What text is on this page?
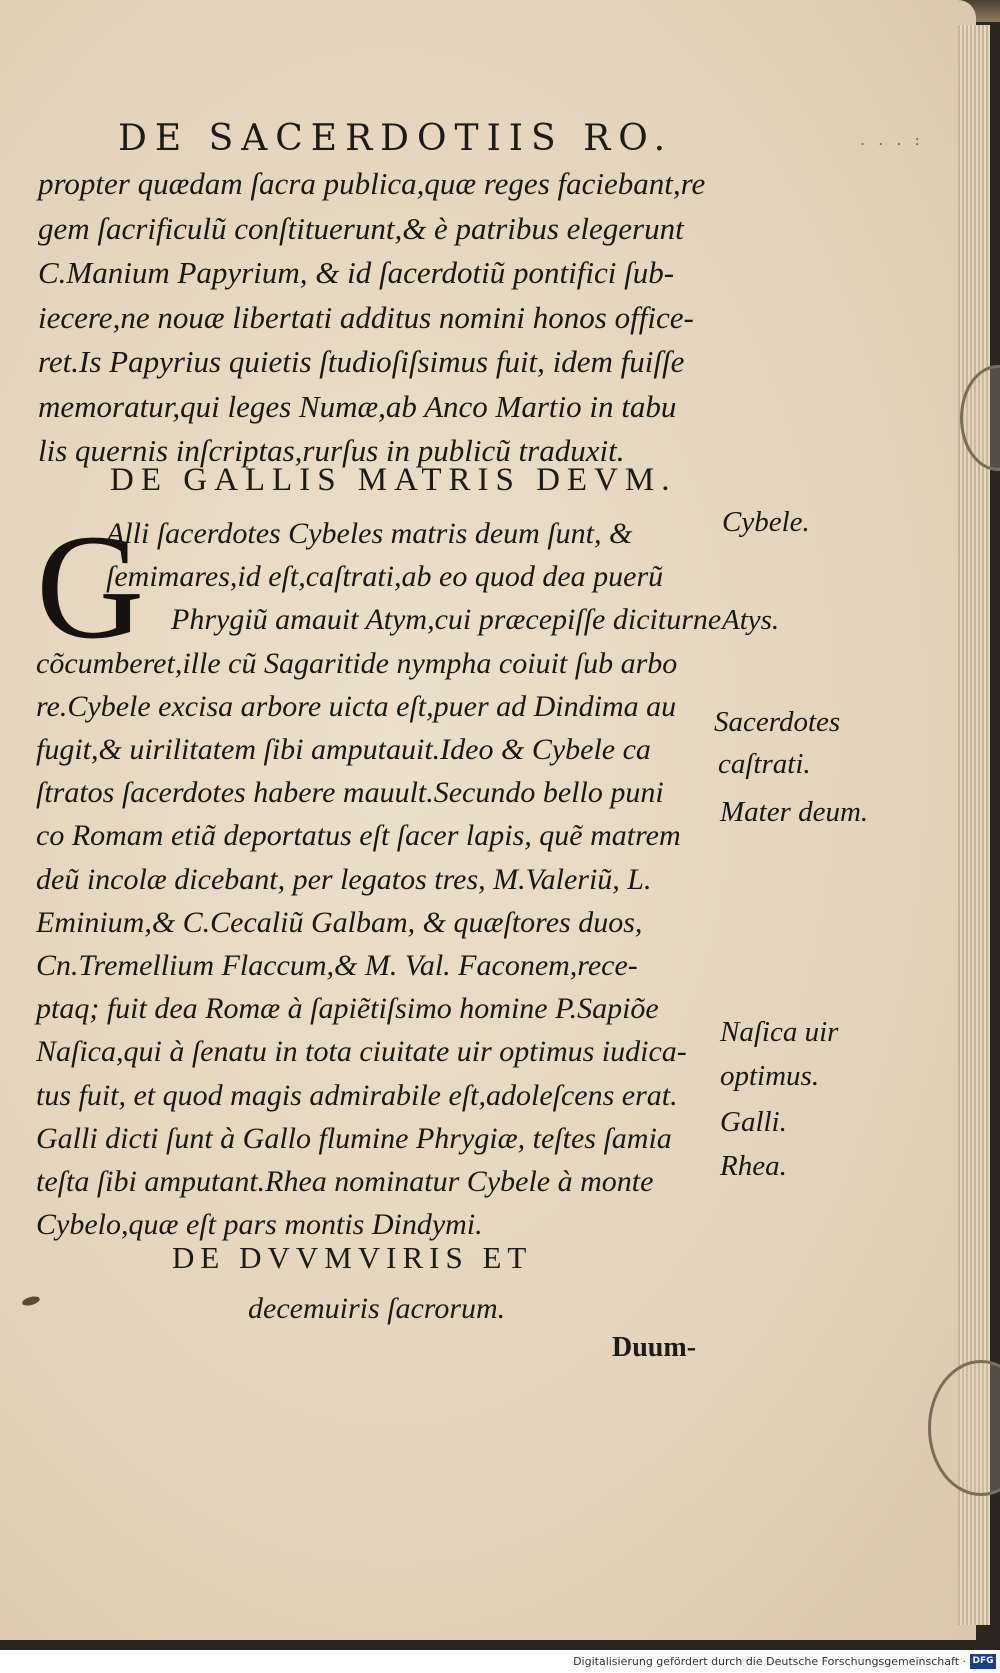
. . . :
DE SACERDOTIIS RO.
propter quædam ſacra publica,quæ reges faciebant,re
gem ſacrificulũ conſtituerunt,& è patribus elegerunt
C.Manium Papyrium, & id ſacerdotiũ pontifici ſub-
iecere,ne nouæ libertati additus nomini honos officе-
ret.Is Papyrius quietis ſtudioſiſsimus fuit, idem fuiſſe
memoratur,qui leges Numæ,ab Anco Martio in tabu
lis quernis inſcriptas,rurſus in publicũ traduxit.
DE GALLIS MATRIS DEVM.
G
Alli ſacerdotes Cybeles matris deum ſunt, &
ſemimares,id eſt,caſtrati,ab eo quod dea puerũ
Phrygiũ amauit Atym,cui præcepiſſe diciturne
cõcumberet,ille cũ Sagaritide nympha coiuit ſub arbo
re.Cybele excisa arbore uicta eſt,puer ad Dindima au
fugit,& uirilitatem ſibi amputauit.Ideo & Cybele ca
ſtratos ſacerdotes habere mauult.Secundo bello puni
co Romam etiã deportatus eſt ſacer lapis, quẽ matrem
deũ incolæ dicebant, per legatos tres, M.Valeriũ, L.
Eminium,& C.Cecaliũ Galbam, & quæſtores duos,
Cn.Tremellium Flaccum,& M. Val. Faconem,rece-
ptaq; fuit dea Romæ à ſapiẽtiſsimo homine P.Sapiõe
Naſica,qui à ſenatu in tota ciuitate uir optimus iudica-
tus fuit, et quod magis admirabile eſt,adoleſcens erat.
Galli dicti ſunt à Gallo flumine Phrygiæ, teſtes ſamia
teſta ſibi amputant.Rhea nominatur Cybele à monte
Cybelo,quæ eſt pars montis Dindymi.
Cybele.
Atys.
Sacerdotes
caſtrati.
Mater deum.
Naſica uir
optimus.
Galli.
Rhea.
DE DVVMVIRIS ET
decemuiris ſacrorum.
Duum-
Digitalisierung gefördert durch die Deutsche Forschungsgemeinschaft · DFG
